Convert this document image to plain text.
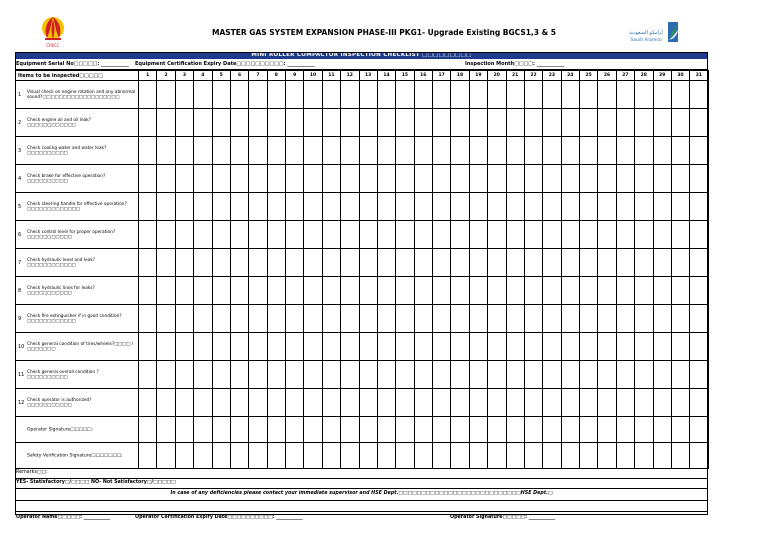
CPECC
MASTER GAS SYSTEM EXPANSION PHASE-III PKG1- Upgrade Existing BGCS1,3 & 5	أرامكو السعودية
Saudi Aramco
MINI ROLLER COMPACTOR INSPECTION CHECKLIST □□□□□□□□□
Equipment Serial No□□□□□: ___________ Equipment Certification Expiry Date□□□□□□□□□□: ___________	Inspection Month□□□□: ___________
Items to be inspected□□□□□	1	2	3	4	5	6	7	8	9	10	11	12	13	14	15	16	17	18	19	20	21	22	23	24	25	26	27	28	29	30	31

1 Visual check on engine rotation and any abnormal sound?□□□□□□□□□□□□□□□□□□□																															

2 Check engine oil and oil leak?□□□□□□□□□□□□																															

3 Check cooling water and water leak?□□□□□□□□□□																															

4 Check brake for effective operation?□□□□□□□□□□																															

5 Check steering handle for effective operation?□□□□□□□□□□□□□																															

6 Check control level for proper operation?□□□□□□□□□□□																															

7 Check hydraulic level and leak?□□□□□□□□□□□□																															

8 Check hydraulic lines for leaks?□□□□□□□□□□□																															

9 Check fire extinguisher if in good condition?□□□□□□□□□□□□																															

10 Check general condition of tires/wheels?□□□□ / □□□□□□□																															

11 Check general overall condition ?□□□□□□□□□□																															

12 Check operator is authorized?□□□□□□□□□□□																															

Operator Signature□□□□□:																															

Safety Verification Signature□□□□□□□:																															

Remarks□□:
YES- Statisfactory□/□□□□ NO- Not Satisfactory□/□□□□□
In case of any deficiencies please contact your immediate supervisor and HSE Dept.□□□□□□□□□□□□□□□□□□□□□□□□□□□HSE Dept.□
Operator Name□□□□□: ___________	Operator Certification Expiry Date□□□□□□□□□□: ___________	Operator Signature□□□□□: ___________
